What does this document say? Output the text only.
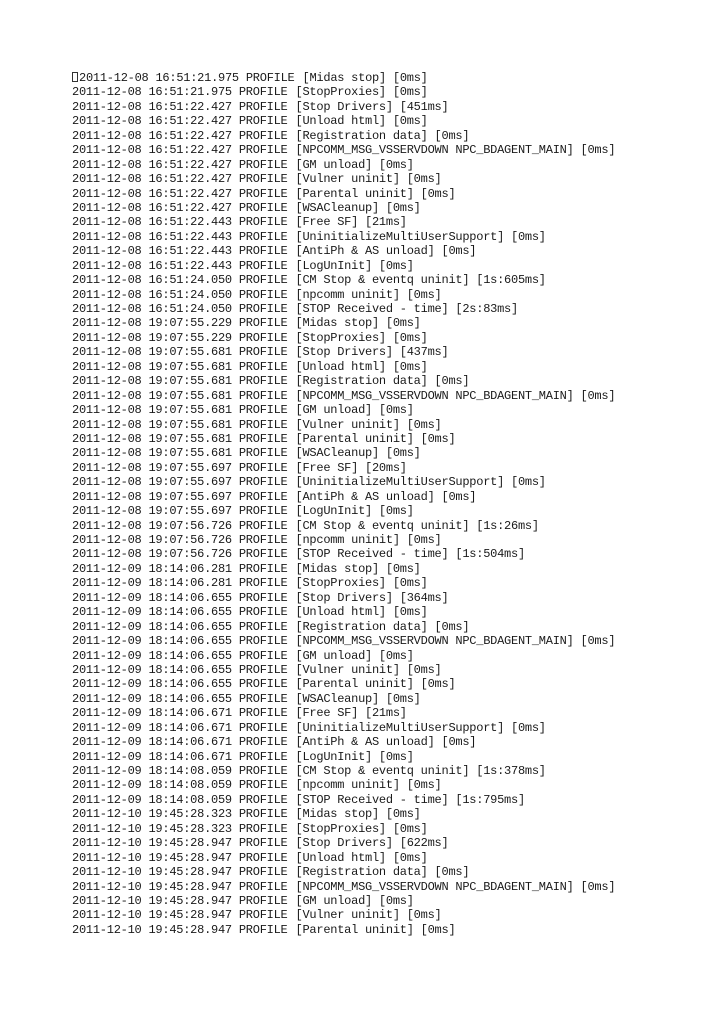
2011-12-08 16:51:21.975 PROFILE [Midas stop] [0ms]
2011-12-08 16:51:21.975 PROFILE [StopProxies] [0ms]
2011-12-08 16:51:22.427 PROFILE [Stop Drivers] [451ms]
2011-12-08 16:51:22.427 PROFILE [Unload html] [0ms]
2011-12-08 16:51:22.427 PROFILE [Registration data] [0ms]
2011-12-08 16:51:22.427 PROFILE [NPCOMM_MSG_VSSERVDOWN NPC_BDAGENT_MAIN] [0ms]
2011-12-08 16:51:22.427 PROFILE [GM unload] [0ms]
2011-12-08 16:51:22.427 PROFILE [Vulner uninit] [0ms]
2011-12-08 16:51:22.427 PROFILE [Parental uninit] [0ms]
2011-12-08 16:51:22.427 PROFILE [WSACleanup] [0ms]
2011-12-08 16:51:22.443 PROFILE [Free SF] [21ms]
2011-12-08 16:51:22.443 PROFILE [UninitializeMultiUserSupport] [0ms]
2011-12-08 16:51:22.443 PROFILE [AntiPh & AS unload] [0ms]
2011-12-08 16:51:22.443 PROFILE [LogUnInit] [0ms]
2011-12-08 16:51:24.050 PROFILE [CM Stop & eventq uninit] [1s:605ms]
2011-12-08 16:51:24.050 PROFILE [npcomm uninit] [0ms]
2011-12-08 16:51:24.050 PROFILE [STOP Received - time] [2s:83ms]
2011-12-08 19:07:55.229 PROFILE [Midas stop] [0ms]
2011-12-08 19:07:55.229 PROFILE [StopProxies] [0ms]
2011-12-08 19:07:55.681 PROFILE [Stop Drivers] [437ms]
2011-12-08 19:07:55.681 PROFILE [Unload html] [0ms]
2011-12-08 19:07:55.681 PROFILE [Registration data] [0ms]
2011-12-08 19:07:55.681 PROFILE [NPCOMM_MSG_VSSERVDOWN NPC_BDAGENT_MAIN] [0ms]
2011-12-08 19:07:55.681 PROFILE [GM unload] [0ms]
2011-12-08 19:07:55.681 PROFILE [Vulner uninit] [0ms]
2011-12-08 19:07:55.681 PROFILE [Parental uninit] [0ms]
2011-12-08 19:07:55.681 PROFILE [WSACleanup] [0ms]
2011-12-08 19:07:55.697 PROFILE [Free SF] [20ms]
2011-12-08 19:07:55.697 PROFILE [UninitializeMultiUserSupport] [0ms]
2011-12-08 19:07:55.697 PROFILE [AntiPh & AS unload] [0ms]
2011-12-08 19:07:55.697 PROFILE [LogUnInit] [0ms]
2011-12-08 19:07:56.726 PROFILE [CM Stop & eventq uninit] [1s:26ms]
2011-12-08 19:07:56.726 PROFILE [npcomm uninit] [0ms]
2011-12-08 19:07:56.726 PROFILE [STOP Received - time] [1s:504ms]
2011-12-09 18:14:06.281 PROFILE [Midas stop] [0ms]
2011-12-09 18:14:06.281 PROFILE [StopProxies] [0ms]
2011-12-09 18:14:06.655 PROFILE [Stop Drivers] [364ms]
2011-12-09 18:14:06.655 PROFILE [Unload html] [0ms]
2011-12-09 18:14:06.655 PROFILE [Registration data] [0ms]
2011-12-09 18:14:06.655 PROFILE [NPCOMM_MSG_VSSERVDOWN NPC_BDAGENT_MAIN] [0ms]
2011-12-09 18:14:06.655 PROFILE [GM unload] [0ms]
2011-12-09 18:14:06.655 PROFILE [Vulner uninit] [0ms]
2011-12-09 18:14:06.655 PROFILE [Parental uninit] [0ms]
2011-12-09 18:14:06.655 PROFILE [WSACleanup] [0ms]
2011-12-09 18:14:06.671 PROFILE [Free SF] [21ms]
2011-12-09 18:14:06.671 PROFILE [UninitializeMultiUserSupport] [0ms]
2011-12-09 18:14:06.671 PROFILE [AntiPh & AS unload] [0ms]
2011-12-09 18:14:06.671 PROFILE [LogUnInit] [0ms]
2011-12-09 18:14:08.059 PROFILE [CM Stop & eventq uninit] [1s:378ms]
2011-12-09 18:14:08.059 PROFILE [npcomm uninit] [0ms]
2011-12-09 18:14:08.059 PROFILE [STOP Received - time] [1s:795ms]
2011-12-10 19:45:28.323 PROFILE [Midas stop] [0ms]
2011-12-10 19:45:28.323 PROFILE [StopProxies] [0ms]
2011-12-10 19:45:28.947 PROFILE [Stop Drivers] [622ms]
2011-12-10 19:45:28.947 PROFILE [Unload html] [0ms]
2011-12-10 19:45:28.947 PROFILE [Registration data] [0ms]
2011-12-10 19:45:28.947 PROFILE [NPCOMM_MSG_VSSERVDOWN NPC_BDAGENT_MAIN] [0ms]
2011-12-10 19:45:28.947 PROFILE [GM unload] [0ms]
2011-12-10 19:45:28.947 PROFILE [Vulner uninit] [0ms]
2011-12-10 19:45:28.947 PROFILE [Parental uninit] [0ms]
